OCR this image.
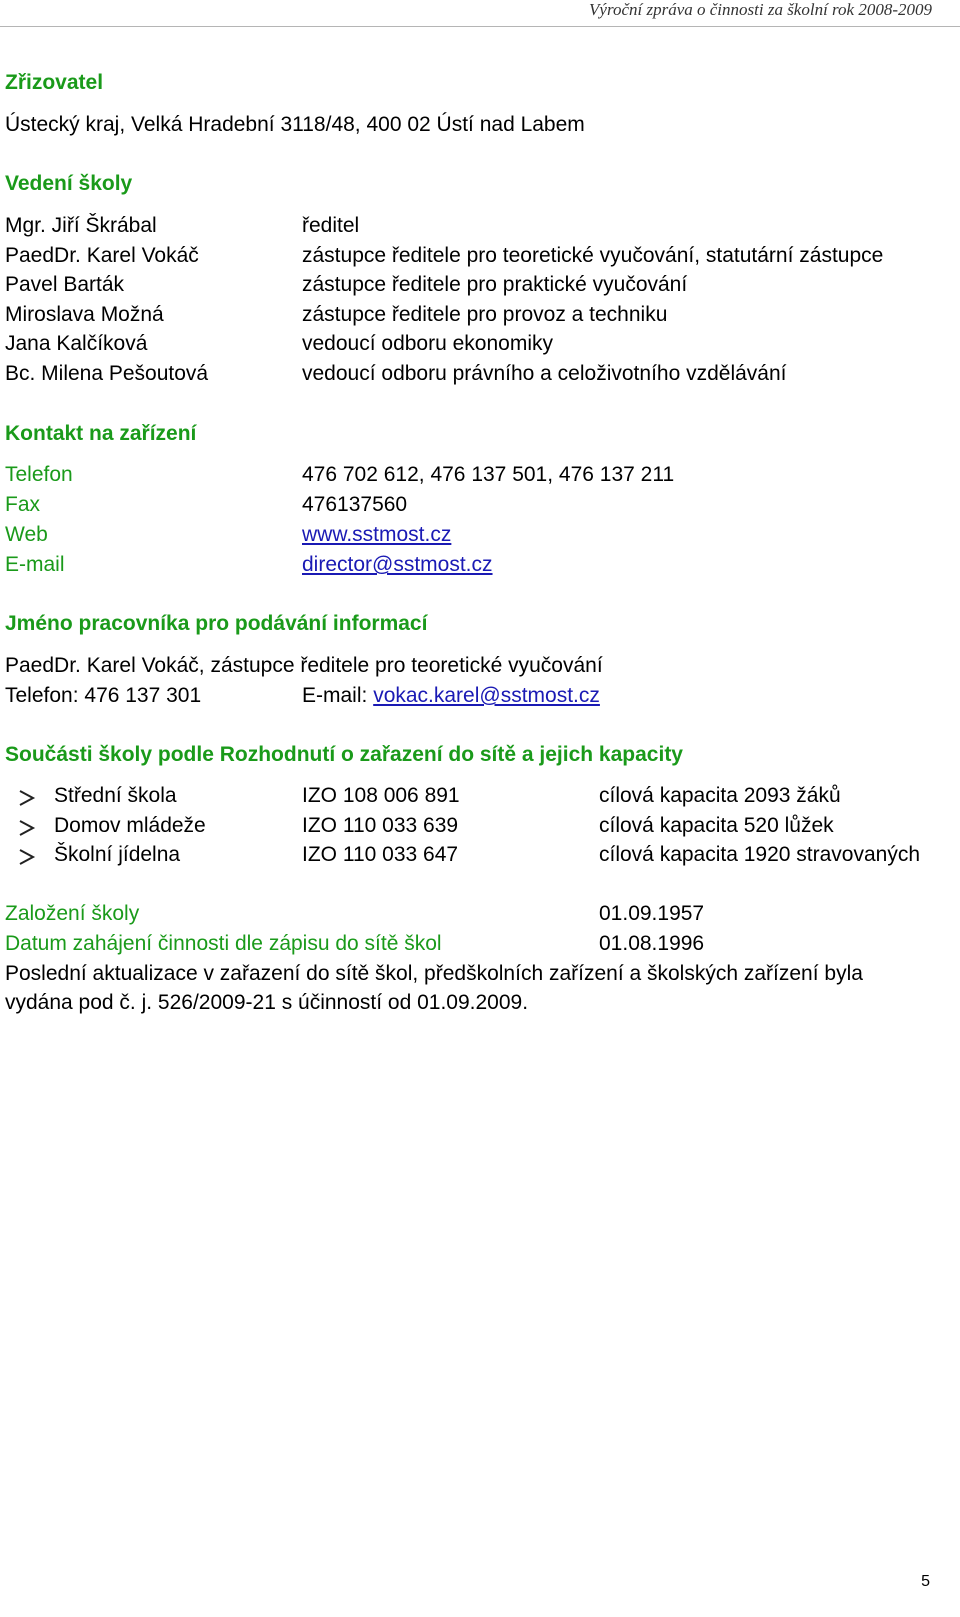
Výroční zpráva o činnosti za školní rok 2008-2009
Zřizovatel
Ústecký kraj, Velká Hradební 3118/48, 400 02 Ústí nad Labem
Vedení školy
Mgr. Jiří Škrábal	ředitel
PaedDr. Karel Vokáč	zástupce ředitele pro teoretické vyučování, statutární zástupce
Pavel Barták	zástupce ředitele pro praktické vyučování
Miroslava Možná	zástupce ředitele pro provoz a techniku
Jana Kalčíková	vedoucí odboru ekonomiky
Bc. Milena Pešoutová	vedoucí odboru právního a celoživotního vzdělávání
Kontakt na zařízení
Telefon	476 702 612, 476 137 501, 476 137 211
Fax	476137560
Web	www.sstmost.cz
E-mail	director@sstmost.cz
Jméno pracovníka pro podávání informací
PaedDr. Karel Vokáč, zástupce ředitele pro teoretické vyučování
Telefon: 476 137 301	E-mail: vokac.karel@sstmost.cz
Součásti školy podle Rozhodnutí o zařazení do sítě a jejich kapacity
Střední škola	IZO 108 006 891	cílová kapacita 2093 žáků
Domov mládeže	IZO 110 033 639	cílová kapacita 520 lůžek
Školní jídelna	IZO 110 033 647	cílová kapacita 1920 stravovaných
Založení školy	01.09.1957
Datum zahájení činnosti dle zápisu do sítě škol	01.08.1996
Poslední aktualizace v zařazení do sítě škol, předškolních zařízení a školských zařízení byla
vydána pod č. j. 526/2009-21 s účinností od 01.09.2009.
5
